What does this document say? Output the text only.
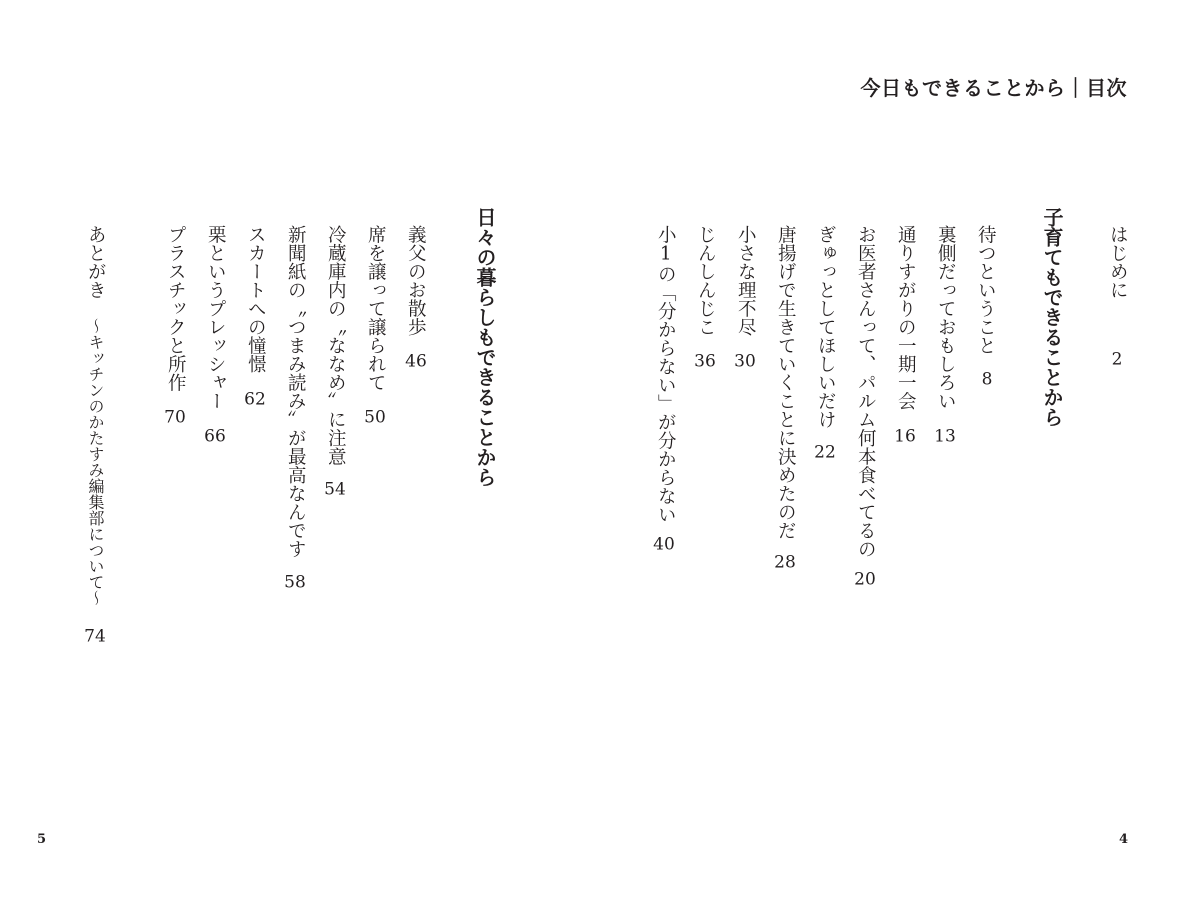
今日もできることから｜目次
はじめに
2
子育てもできることから
待つということ
8
裏側だっておもしろい
13
通りすがりの一期一会
16
お医者さんって、パルム何本食べてるの
20
ぎゅっとしてほしいだけ
22
唐揚げで生きていくことに決めたのだ
28
小さな理不尽
30
じんしんじこ
36
小1の「分からない」が分からない
40
日々の暮らしもできることから
義父のお散歩
46
席を譲って譲られて
50
冷蔵庫内の〝ななめ〟に注意
54
新聞紙の〝つまみ読み〟が最高なんです
58
スカートへの憧憬
62
栗というプレッシャー
66
プラスチックと所作
70
あとがき
〜キッチンのかたすみ編集部について〜
74
5	4
